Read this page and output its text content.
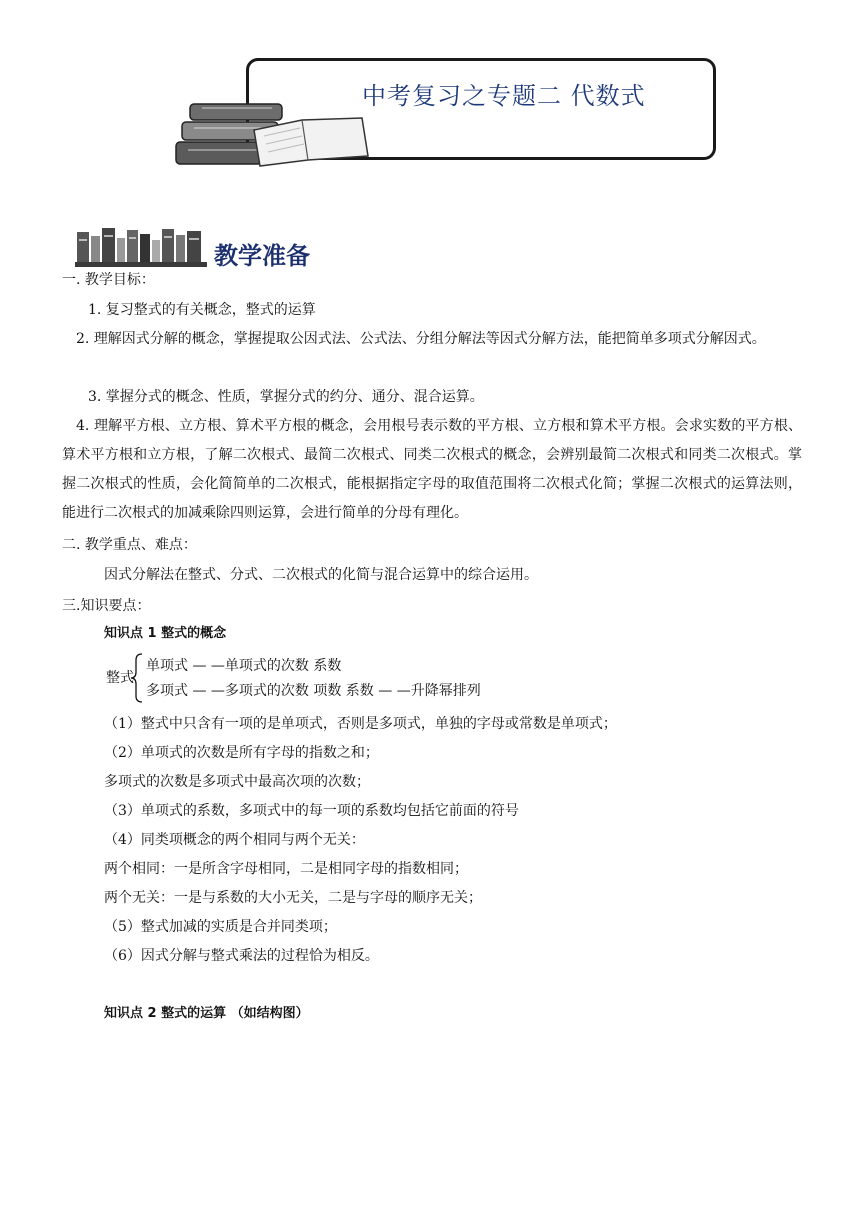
中考复习之专题二 代数式
教学准备
一. 教学目标：
1. 复习整式的有关概念，整式的运算
2. 理解因式分解的概念，掌握提取公因式法、公式法、分组分解法等因式分解方法，能把简单多项式分解因式。
3. 掌握分式的概念、性质，掌握分式的约分、通分、混合运算。
4. 理解平方根、立方根、算术平方根的概念，会用根号表示数的平方根、立方根和算术平方根。会求实数的平方根、算术平方根和立方根，了解二次根式、最简二次根式、同类二次根式的概念，会辨别最简二次根式和同类二次根式。掌握二次根式的性质，会化简简单的二次根式，能根据指定字母的取值范围将二次根式化简；掌握二次根式的运算法则，能进行二次根式的加减乘除四则运算，会进行简单的分母有理化。
二. 教学重点、难点：
因式分解法在整式、分式、二次根式的化简与混合运算中的综合运用。
三.知识要点：
知识点 1 整式的概念
整式
单项式 — —单项式的次数 系数
多项式 — —多项式的次数 项数 系数 — —升降幂排列
（1）整式中只含有一项的是单项式，否则是多项式，单独的字母或常数是单项式；
（2）单项式的次数是所有字母的指数之和；
多项式的次数是多项式中最高次项的次数；
（3）单项式的系数，多项式中的每一项的系数均包括它前面的符号
（4）同类项概念的两个相同与两个无关：
两个相同：一是所含字母相同，二是相同字母的指数相同；
两个无关：一是与系数的大小无关，二是与字母的顺序无关；
（5）整式加减的实质是合并同类项；
（6）因式分解与整式乘法的过程恰为相反。
知识点 2 整式的运算 （如结构图）
